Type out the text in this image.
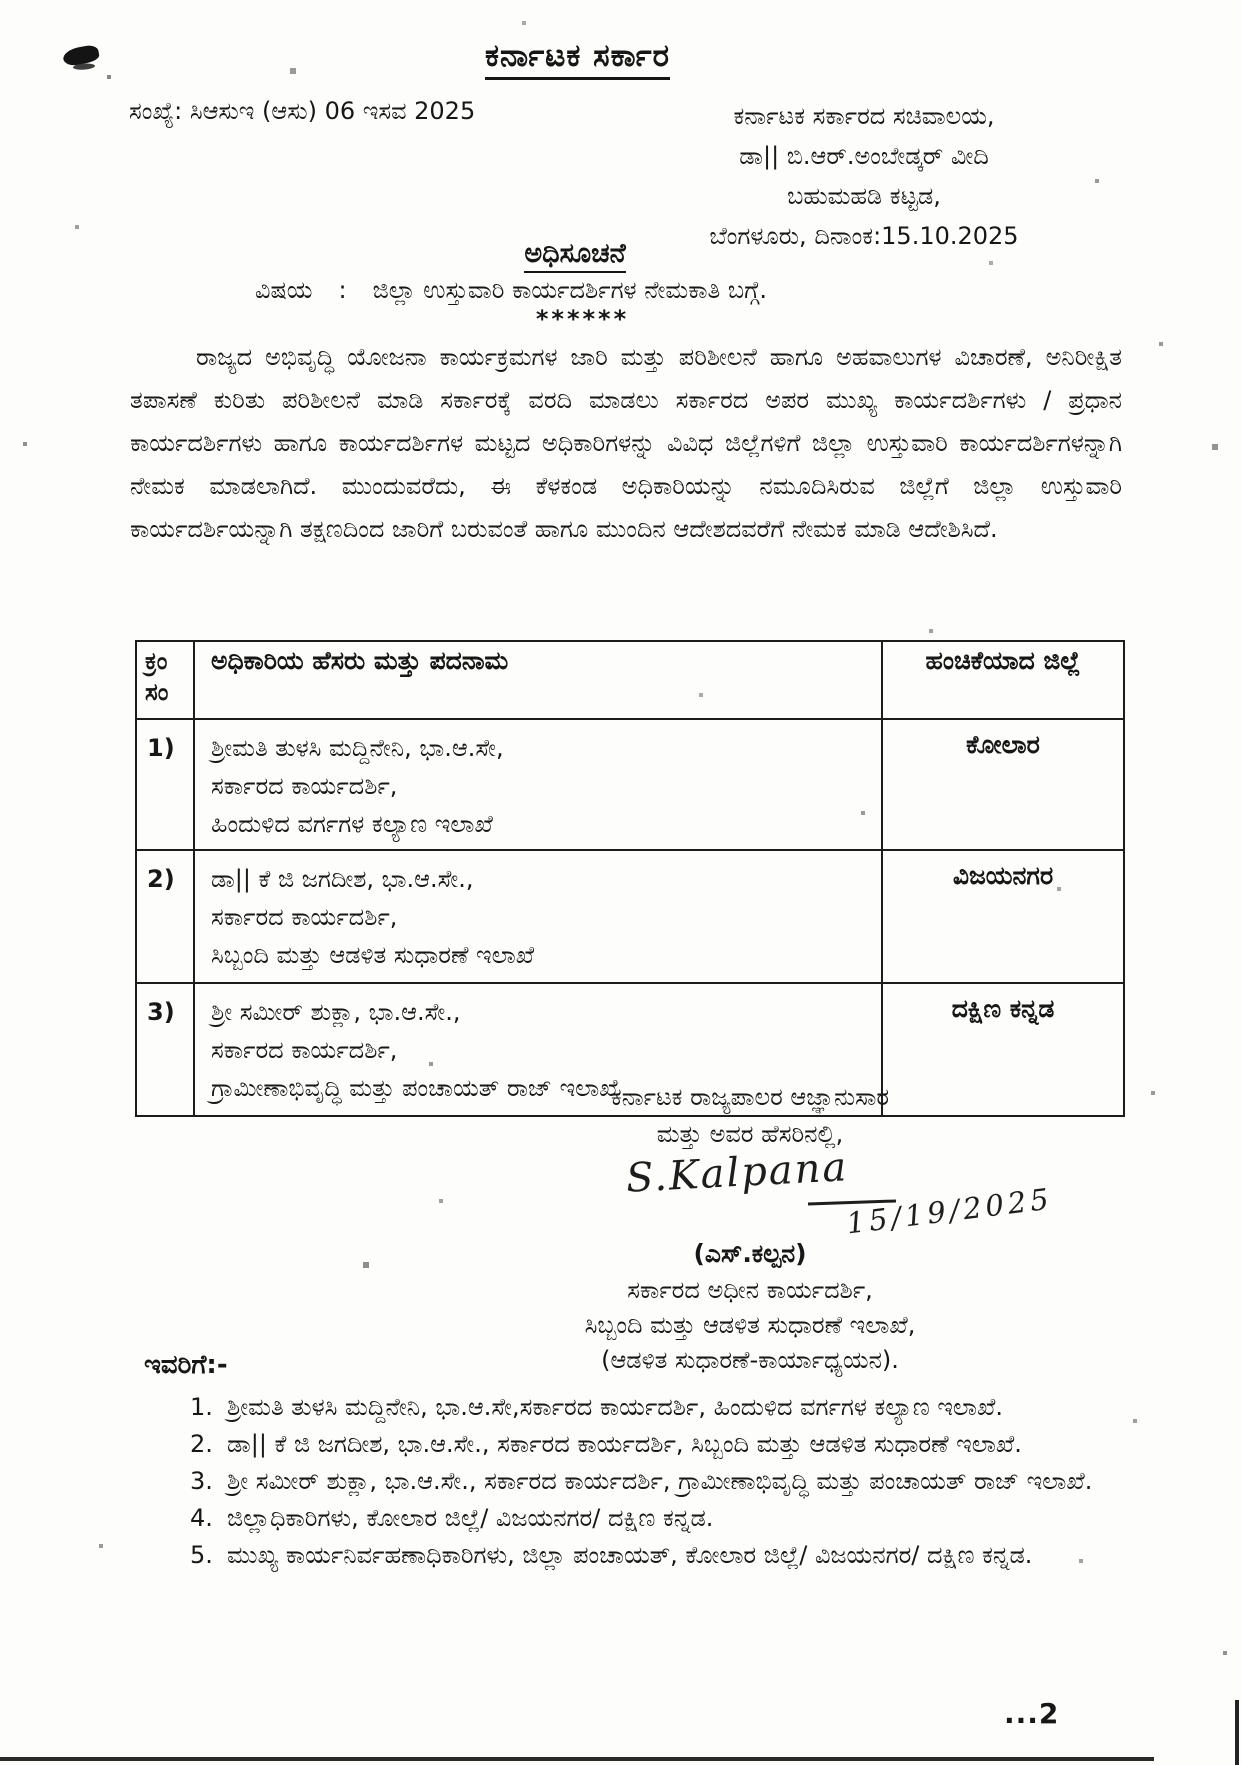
ಕರ್ನಾಟಕ ಸರ್ಕಾರ
ಸಂಖ್ಯೆ: ಸಿಆಸುಇ (ಆಸು) 06 ಇಸವ 2025	ಕರ್ನಾಟಕ ಸರ್ಕಾರದ ಸಚಿವಾಲಯ,
ಡಾ|| ಬಿ.ಆರ್.ಅಂಬೇಡ್ಕರ್ ವೀದಿ
ಬಹುಮಹಡಿ ಕಟ್ಟಡ,
ಬೆಂಗಳೂರು, ದಿನಾಂಕ:15.10.2025
ಅಧಿಸೂಚನೆ
ವಿಷಯ : ಜಿಲ್ಲಾ ಉಸ್ತುವಾರಿ ಕಾರ್ಯದರ್ಶಿಗಳ ನೇಮಕಾತಿ ಬಗ್ಗೆ.
******
ರಾಜ್ಯದ ಅಭಿವೃದ್ಧಿ ಯೋಜನಾ ಕಾರ್ಯಕ್ರಮಗಳ ಜಾರಿ ಮತ್ತು ಪರಿಶೀಲನೆ ಹಾಗೂ ಅಹವಾಲುಗಳ ವಿಚಾರಣೆ, ಅನಿರೀಕ್ಷಿತ ತಪಾಸಣೆ ಕುರಿತು ಪರಿಶೀಲನೆ ಮಾಡಿ ಸರ್ಕಾರಕ್ಕೆ ವರದಿ ಮಾಡಲು ಸರ್ಕಾರದ ಅಪರ ಮುಖ್ಯ ಕಾರ್ಯದರ್ಶಿಗಳು / ಪ್ರಧಾನ ಕಾರ್ಯದರ್ಶಿಗಳು ಹಾಗೂ ಕಾರ್ಯದರ್ಶಿಗಳ ಮಟ್ಟದ ಅಧಿಕಾರಿಗಳನ್ನು ವಿವಿಧ ಜಿಲ್ಲೆಗಳಿಗೆ ಜಿಲ್ಲಾ ಉಸ್ತುವಾರಿ ಕಾರ್ಯದರ್ಶಿಗಳನ್ನಾಗಿ ನೇಮಕ ಮಾಡಲಾಗಿದೆ. ಮುಂದುವರೆದು, ಈ ಕೆಳಕಂಡ ಅಧಿಕಾರಿಯನ್ನು ನಮೂದಿಸಿರುವ ಜಿಲ್ಲೆಗೆ ಜಿಲ್ಲಾ ಉಸ್ತುವಾರಿ ಕಾರ್ಯದರ್ಶಿಯನ್ನಾಗಿ ತಕ್ಷಣದಿಂದ ಜಾರಿಗೆ ಬರುವಂತೆ ಹಾಗೂ ಮುಂದಿನ ಆದೇಶದವರೆಗೆ ನೇಮಕ ಮಾಡಿ ಆದೇಶಿಸಿದೆ.
ಕ್ರಂ
ಸಂ	ಅಧಿಕಾರಿಯ ಹೆಸರು ಮತ್ತು ಪದನಾಮ	ಹಂಚಿಕೆಯಾದ ಜಿಲ್ಲೆ
1)	ಶ್ರೀಮತಿ ತುಳಸಿ ಮದ್ದಿನೇನಿ, ಭಾ.ಆ.ಸೇ,
ಸರ್ಕಾರದ ಕಾರ್ಯದರ್ಶಿ,
ಹಿಂದುಳಿದ ವರ್ಗಗಳ ಕಲ್ಯಾಣ ಇಲಾಖೆ	ಕೋಲಾರ
2)	ಡಾ|| ಕೆ ಜಿ ಜಗದೀಶ, ಭಾ.ಆ.ಸೇ.,
ಸರ್ಕಾರದ ಕಾರ್ಯದರ್ಶಿ,
ಸಿಬ್ಬಂದಿ ಮತ್ತು ಆಡಳಿತ ಸುಧಾರಣೆ ಇಲಾಖೆ	ವಿಜಯನಗರ
3)	ಶ್ರೀ ಸಮೀರ್ ಶುಕ್ಲಾ, ಭಾ.ಆ.ಸೇ.,
ಸರ್ಕಾರದ ಕಾರ್ಯದರ್ಶಿ,
ಗ್ರಾಮೀಣಾಭಿವೃದ್ಧಿ ಮತ್ತು ಪಂಚಾಯತ್ ರಾಜ್ ಇಲಾಖೆ	ದಕ್ಷಿಣ ಕನ್ನಡ
ಕರ್ನಾಟಕ ರಾಜ್ಯಪಾಲರ ಆಜ್ಞಾನುಸಾರ
ಮತ್ತು ಅವರ ಹೆಸರಿನಲ್ಲಿ,
S.Kalpana
15/19/2025
(ಎಸ್.ಕಲ್ಪನ)
ಸರ್ಕಾರದ ಅಧೀನ ಕಾರ್ಯದರ್ಶಿ,
ಸಿಬ್ಬಂದಿ ಮತ್ತು ಆಡಳಿತ ಸುಧಾರಣೆ ಇಲಾಖೆ,
(ಆಡಳಿತ ಸುಧಾರಣೆ-ಕಾರ್ಯಾಧ್ಯಯನ).
ಇವರಿಗೆ:-
1. ಶ್ರೀಮತಿ ತುಳಸಿ ಮದ್ದಿನೇನಿ, ಭಾ.ಆ.ಸೇ,ಸರ್ಕಾರದ ಕಾರ್ಯದರ್ಶಿ, ಹಿಂದುಳಿದ ವರ್ಗಗಳ ಕಲ್ಯಾಣ ಇಲಾಖೆ.
2. ಡಾ|| ಕೆ ಜಿ ಜಗದೀಶ, ಭಾ.ಆ.ಸೇ., ಸರ್ಕಾರದ ಕಾರ್ಯದರ್ಶಿ, ಸಿಬ್ಬಂದಿ ಮತ್ತು ಆಡಳಿತ ಸುಧಾರಣೆ ಇಲಾಖೆ.
3. ಶ್ರೀ ಸಮೀರ್ ಶುಕ್ಲಾ, ಭಾ.ಆ.ಸೇ., ಸರ್ಕಾರದ ಕಾರ್ಯದರ್ಶಿ, ಗ್ರಾಮೀಣಾಭಿವೃದ್ಧಿ ಮತ್ತು ಪಂಚಾಯತ್ ರಾಜ್ ಇಲಾಖೆ.
4. ಜಿಲ್ಲಾಧಿಕಾರಿಗಳು, ಕೋಲಾರ ಜಿಲ್ಲೆ/ ವಿಜಯನಗರ/ ದಕ್ಷಿಣ ಕನ್ನಡ.
5. ಮುಖ್ಯ ಕಾರ್ಯನಿರ್ವಹಣಾಧಿಕಾರಿಗಳು, ಜಿಲ್ಲಾ ಪಂಚಾಯತ್, ಕೋಲಾರ ಜಿಲ್ಲೆ/ ವಿಜಯನಗರ/ ದಕ್ಷಿಣ ಕನ್ನಡ.
...2
